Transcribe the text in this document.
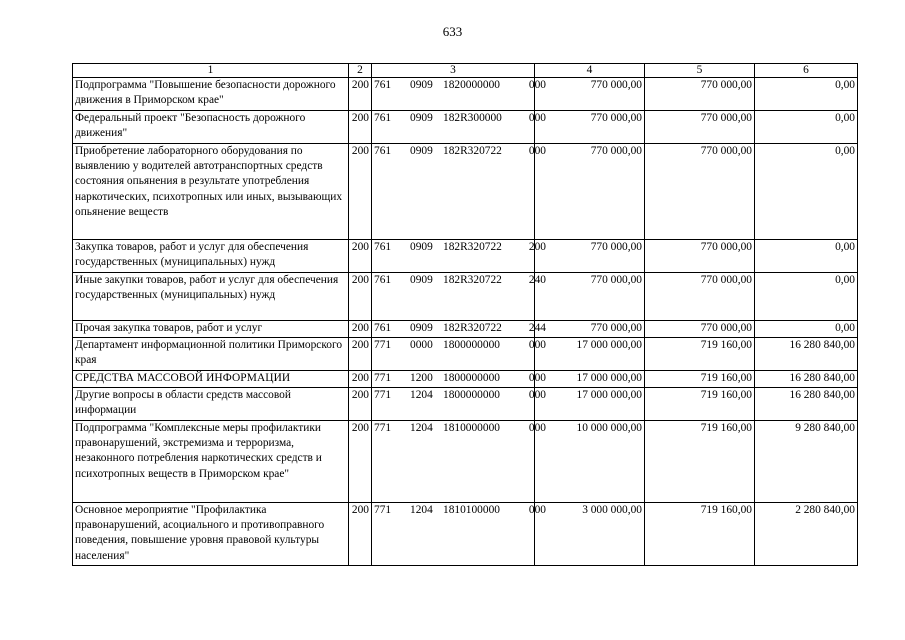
633
1	2	3	4	5	6
Подпрограмма "Повышение безопасности дорожного движения в Приморском крае"	200	761 0909 1820000000 000	770 000,00	770 000,00	0,00
Федеральный проект "Безопасность дорожного движения"	200	761 0909 182R300000 000	770 000,00	770 000,00	0,00
Приобретение лабораторного оборудования по выявлению у водителей автотранспортных средств состояния опьянения в результате употребления наркотических, психотропных или иных, вызывающих опьянение веществ	200	761 0909 182R320722 000	770 000,00	770 000,00	0,00
Закупка товаров, работ и услуг для обеспечения государственных (муниципальных) нужд	200	761 0909 182R320722 200	770 000,00	770 000,00	0,00
Иные закупки товаров, работ и услуг для обеспечения государственных (муниципальных) нужд	200	761 0909 182R320722 240	770 000,00	770 000,00	0,00
Прочая закупка товаров, работ и услуг	200	761 0909 182R320722 244	770 000,00	770 000,00	0,00
Департамент информационной политики Приморского края	200	771 0000 1800000000 000	17 000 000,00	719 160,00	16 280 840,00
СРЕДСТВА МАССОВОЙ ИНФОРМАЦИИ	200	771 1200 1800000000 000	17 000 000,00	719 160,00	16 280 840,00
Другие вопросы в области средств массовой информации	200	771 1204 1800000000 000	17 000 000,00	719 160,00	16 280 840,00
Подпрограмма "Комплексные меры профилактики правонарушений, экстремизма и терроризма, незаконного потребления наркотических средств и психотропных веществ в Приморском крае"	200	771 1204 1810000000 000	10 000 000,00	719 160,00	9 280 840,00
Основное мероприятие "Профилактика правонарушений, асоциального и противоправного поведения, повышение уровня правовой культуры населения"	200	771 1204 1810100000 000	3 000 000,00	719 160,00	2 280 840,00
